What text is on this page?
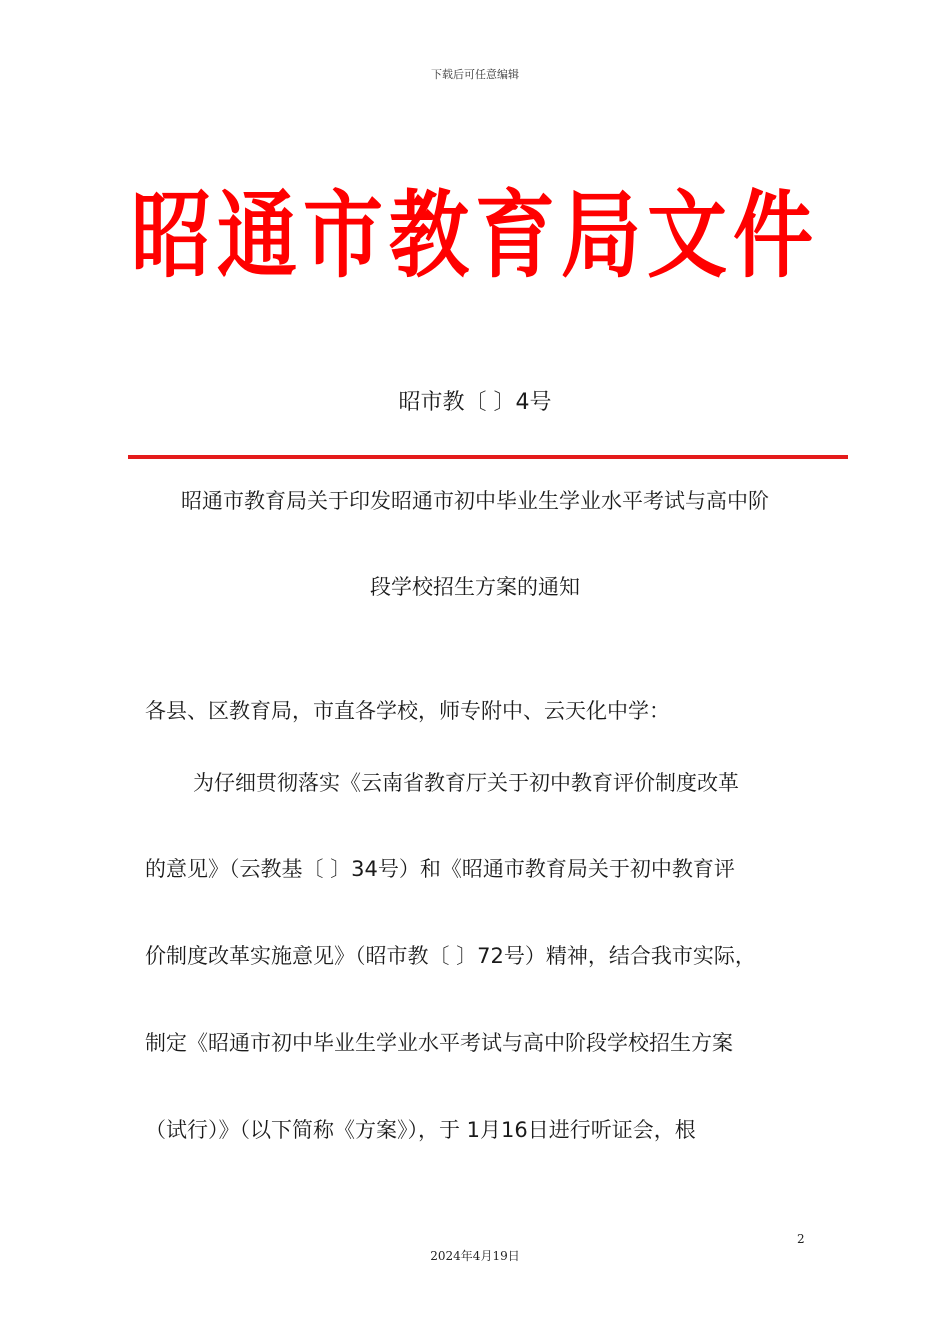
下载后可任意编辑
昭通市教育局文件
昭市教〔 〕4号
昭通市教育局关于印发昭通市初中毕业生学业水平考试与高中阶
段学校招生方案的通知
各县、区教育局，市直各学校，师专附中、云天化中学：
为仔细贯彻落实《云南省教育厅关于初中教育评价制度改革
的意见》（云教基〔 〕34号）和《昭通市教育局关于初中教育评
价制度改革实施意见》（昭市教〔 〕72号）精神，结合我市实际，
制定《昭通市初中毕业生学业水平考试与高中阶段学校招生方案
（试行）》（以下简称《方案》），于 1月16日进行听证会，根
2
2024年4月19日
